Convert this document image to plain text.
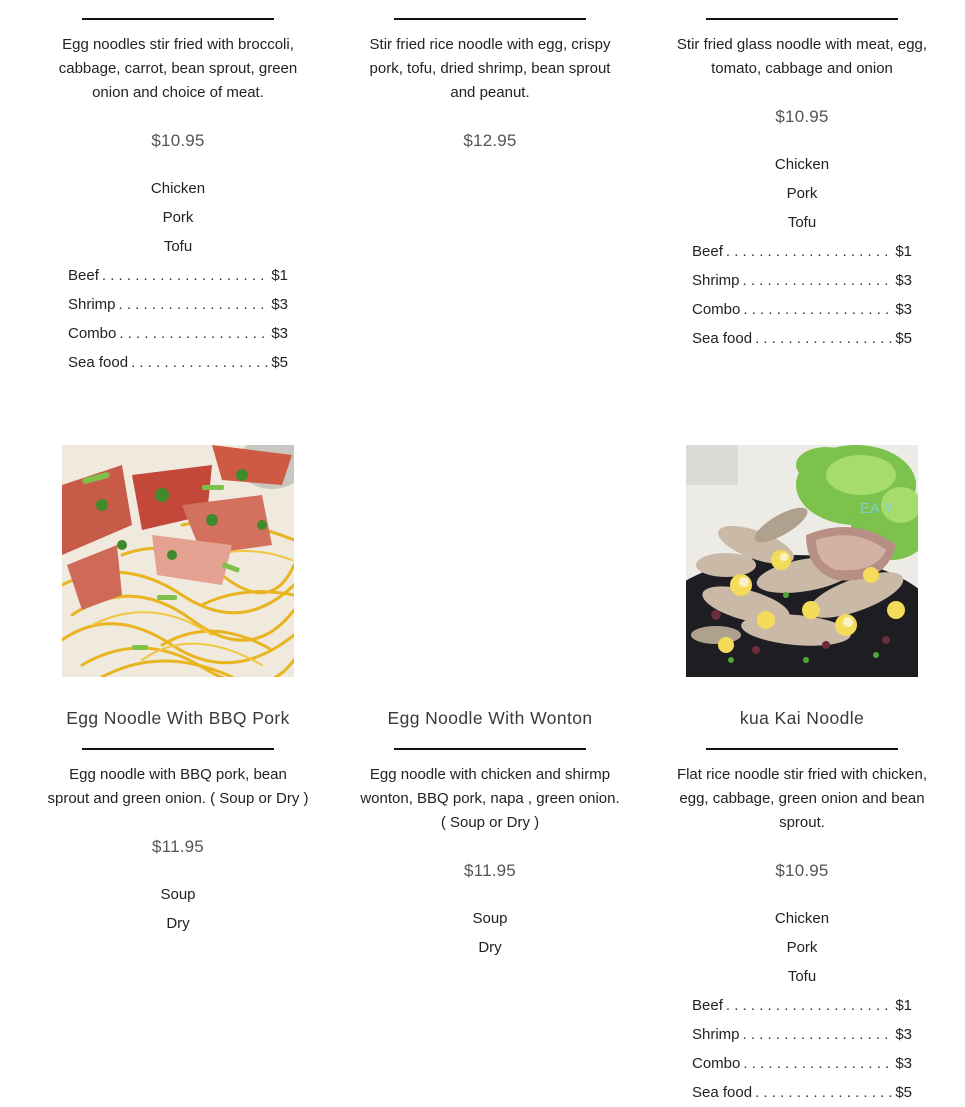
Egg noodles stir fried with broccoli, cabbage, carrot, bean sprout, green onion and choice of meat.
$10.95
Chicken
Pork
Tofu
Beef . . .	$1
Shrimp . . .	$3
Combo . . .	$3
Sea food . . .	$5
Stir fried rice noodle with egg, crispy pork, tofu, dried shrimp, bean sprout and peanut.
$12.95
Stir fried glass noodle with meat, egg, tomato, cabbage and onion
$10.95
Chicken
Pork
Tofu
Beef . . .	$1
Shrimp . . .	$3
Combo . . .	$3
Sea food . . .	$5
EA Y
Egg Noodle With BBQ Pork
Egg noodle with BBQ pork, bean sprout and green onion. ( Soup or Dry )
$11.95
Soup
Dry
Egg Noodle With Wonton
Egg noodle with chicken and shirmp wonton, BBQ pork, napa , green onion. ( Soup or Dry )
$11.95
Soup
Dry
kua Kai Noodle
Flat rice noodle stir fried with chicken, egg, cabbage, green onion and bean sprout.
$10.95
Chicken
Pork
Tofu
Beef . . .	$1
Shrimp . . .	$3
Combo . . .	$3
Sea food . . .	$5
